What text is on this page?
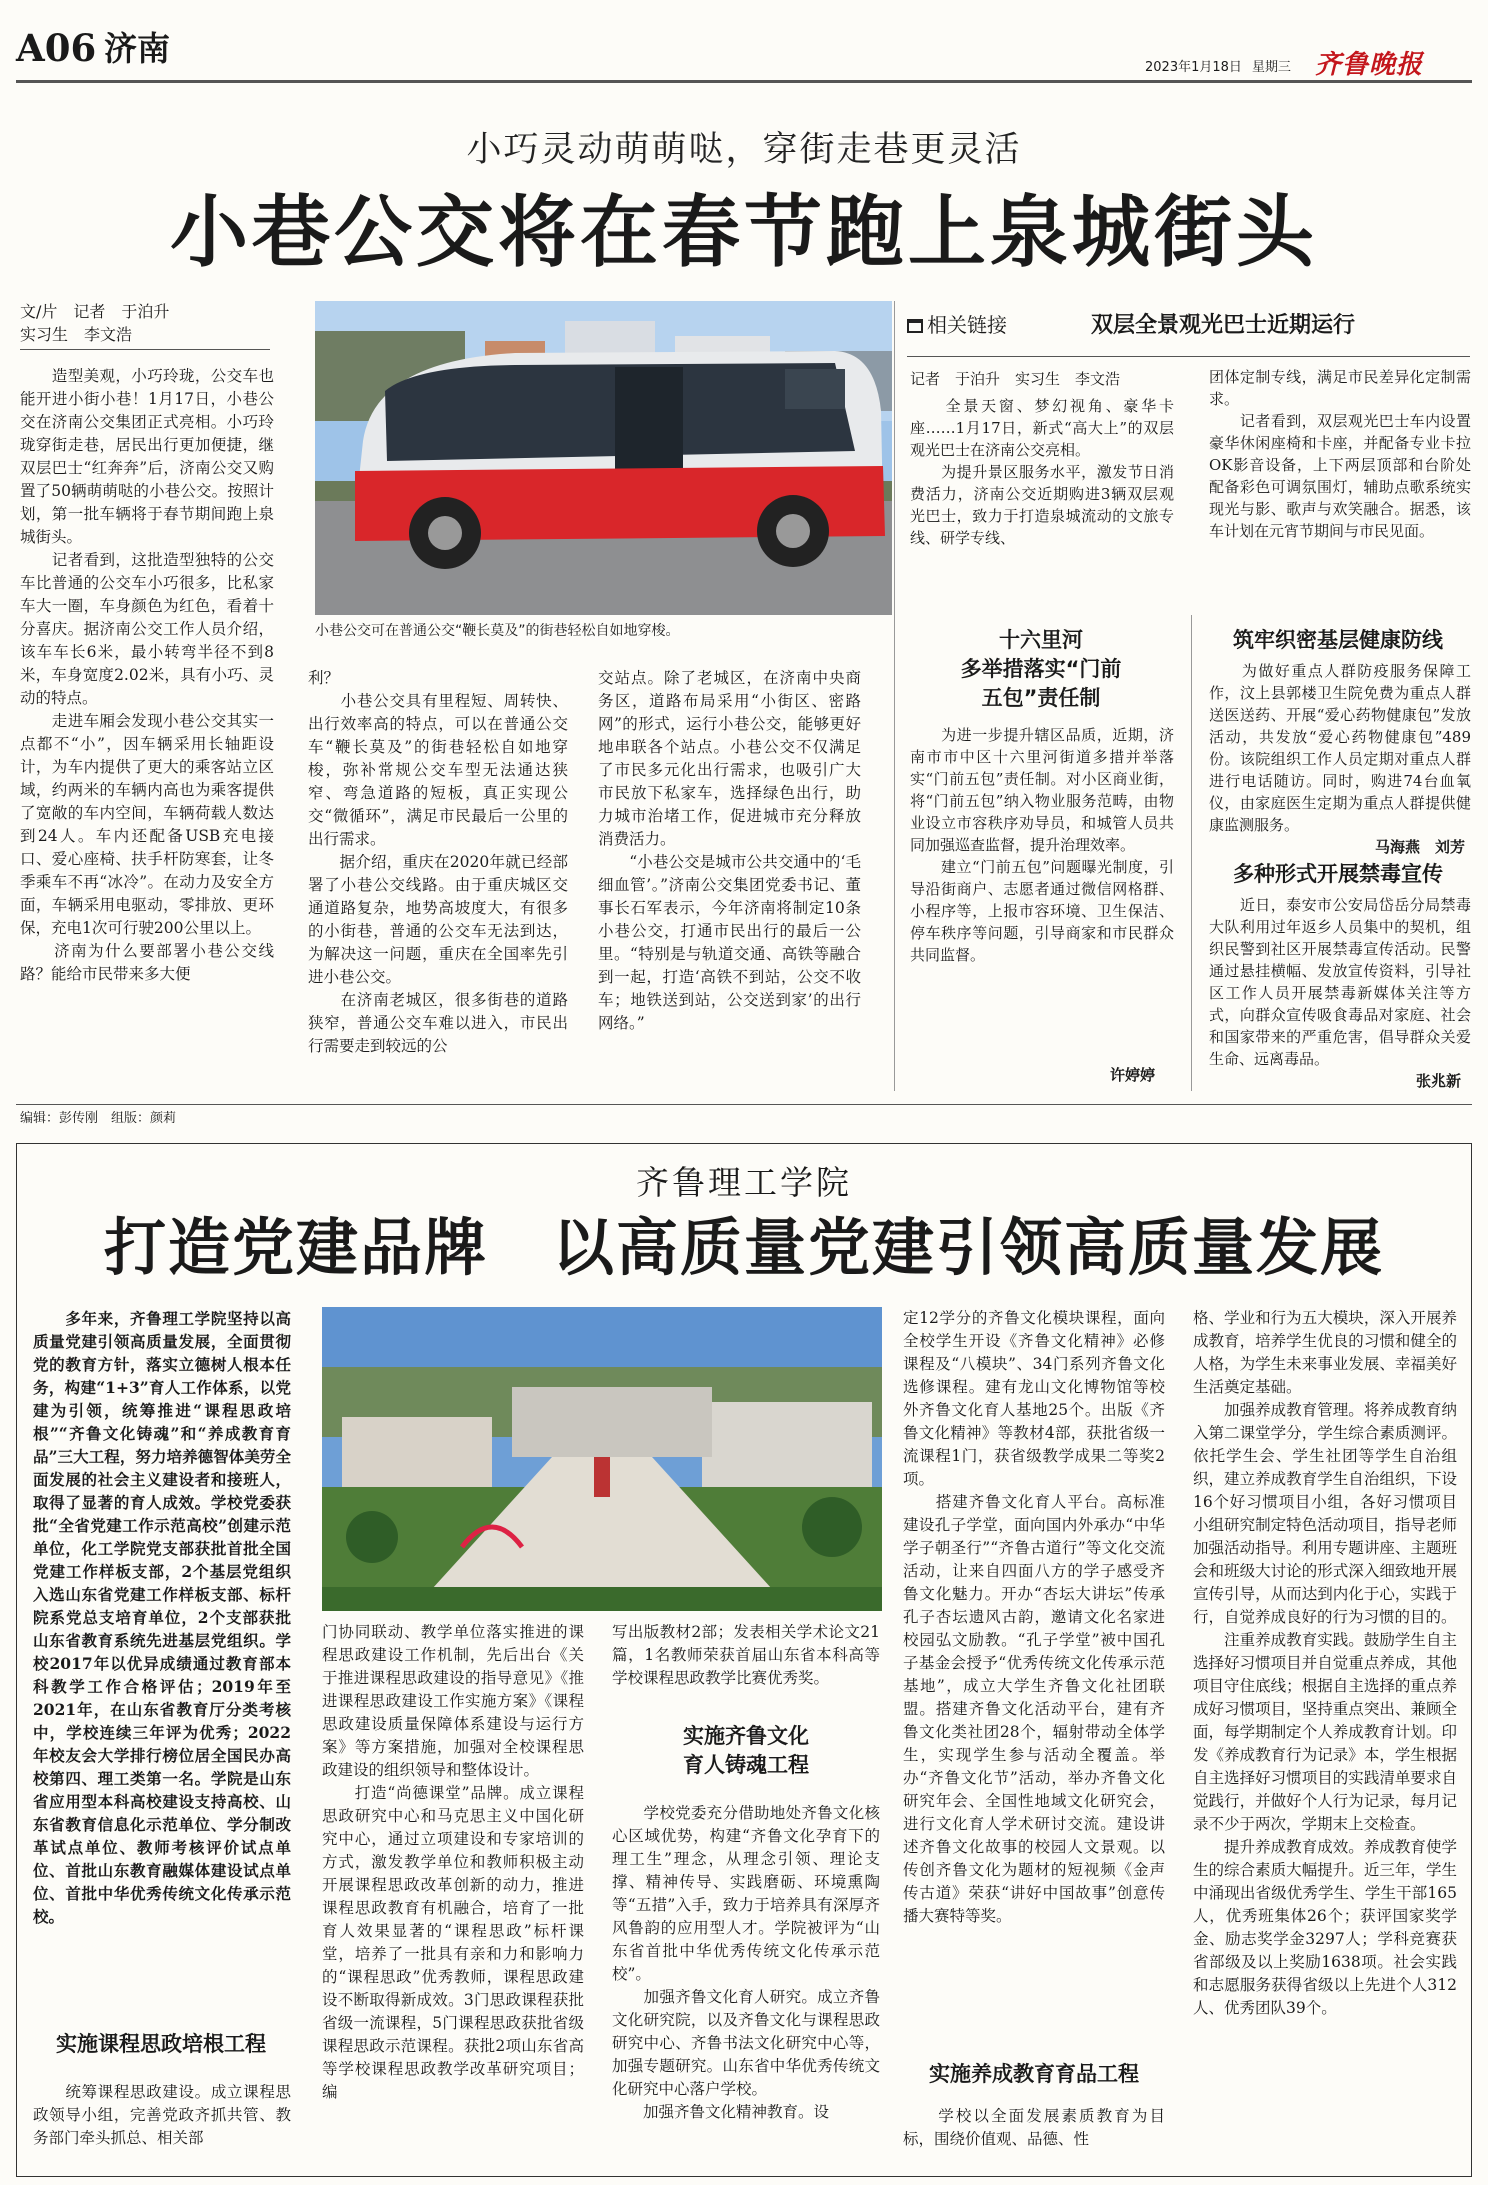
A06 济南	2023年1月18日 星期三 齐鲁晚报
小巧灵动萌萌哒，穿街走巷更灵活
小巷公交将在春节跑上泉城街头
文/片　记者　于泊升
实习生　李文浩
小巷公交可在普通公交“鞭长莫及”的街巷轻松自如地穿梭。
　　造型美观，小巧玲珑，公交车也能开进小街小巷！1月17日，小巷公交在济南公交集团正式亮相。小巧玲珑穿街走巷，居民出行更加便捷，继双层巴士“红奔奔”后，济南公交又购置了50辆萌萌哒的小巷公交。按照计划，第一批车辆将于春节期间跑上泉城街头。
　　记者看到，这批造型独特的公交车比普通的公交车小巧很多，比私家车大一圈，车身颜色为红色，看着十分喜庆。据济南公交工作人员介绍，该车车长6米，最小转弯半径不到8米，车身宽度2.02米，具有小巧、灵动的特点。
　　走进车厢会发现小巷公交其实一点都不“小”，因车辆采用长轴距设计，为车内提供了更大的乘客站立区域，约两米的车辆内高也为乘客提供了宽敞的车内空间，车辆荷载人数达到24人。车内还配备USB充电接口、爱心座椅、扶手杆防寒套，让冬季乘车不再“冰冷”。在动力及安全方面，车辆采用电驱动，零排放、更环保，充电1次可行驶200公里以上。
　　济南为什么要部署小巷公交线路？能给市民带来多大便
利？
　　小巷公交具有里程短、周转快、出行效率高的特点，可以在普通公交车“鞭长莫及”的街巷轻松自如地穿梭，弥补常规公交车型无法通达狭窄、弯急道路的短板，真正实现公交“微循环”，满足市民最后一公里的出行需求。
　　据介绍，重庆在2020年就已经部署了小巷公交线路。由于重庆城区交通道路复杂，地势高坡度大，有很多的小街巷，普通的公交车无法到达，为解决这一问题，重庆在全国率先引进小巷公交。
　　在济南老城区，很多街巷的道路狭窄，普通公交车难以进入，市民出行需要走到较远的公
交站点。除了老城区，在济南中央商务区，道路布局采用“小街区、密路网”的形式，运行小巷公交，能够更好地串联各个站点。小巷公交不仅满足了市民多元化出行需求，也吸引广大市民放下私家车，选择绿色出行，助力城市治堵工作，促进城市充分释放消费活力。
　　“小巷公交是城市公共交通中的‘毛细血管’。”济南公交集团党委书记、董事长石军表示，今年济南将制定10条小巷公交，打通市民出行的最后一公里。“特别是与轨道交通、高铁等融合到一起，打造‘高铁不到站，公交不收车；地铁送到站，公交送到家’的出行网络。”
相关链接	双层全景观光巴士近期运行
记者　于泊升　实习生　李文浩
　　全景天窗、梦幻视角、豪华卡座……1月17日，新式“高大上”的双层观光巴士在济南公交亮相。
　　为提升景区服务水平，激发节日消费活力，济南公交近期购进3辆双层观光巴士，致力于打造泉城流动的文旅专线、研学专线、
团体定制专线，满足市民差异化定制需求。
　　记者看到，双层观光巴士车内设置豪华休闲座椅和卡座，并配备专业卡拉OK影音设备，上下两层顶部和台阶处配备彩色可调氛围灯，辅助点歌系统实现光与影、歌声与欢笑融合。据悉，该车计划在元宵节期间与市民见面。
十六里河
多举措落实“门前
五包”责任制
　　为进一步提升辖区品质，近期，济南市市中区十六里河街道多措并举落实“门前五包”责任制。对小区商业街，将“门前五包”纳入物业服务范畴，由物业设立市容秩序劝导员，和城管人员共同加强巡查监督，提升治理效率。
　　建立“门前五包”问题曝光制度，引导沿街商户、志愿者通过微信网格群、小程序等，上报市容环境、卫生保洁、停车秩序等问题，引导商家和市民群众共同监督。
许婷婷
筑牢织密基层健康防线
　　为做好重点人群防疫服务保障工作，汶上县郭楼卫生院免费为重点人群送医送药、开展“爱心药物健康包”发放活动，共发放“爱心药物健康包”489份。该院组织工作人员定期对重点人群进行电话随访。同时，购进74台血氧仪，由家庭医生定期为重点人群提供健康监测服务。
马海燕　刘芳
多种形式开展禁毒宣传
　　近日，泰安市公安局岱岳分局禁毒大队利用过年返乡人员集中的契机，组织民警到社区开展禁毒宣传活动。民警通过悬挂横幅、发放宣传资料，引导社区工作人员开展禁毒新媒体关注等方式，向群众宣传吸食毒品对家庭、社会和国家带来的严重危害，倡导群众关爱生命、远离毒品。
张兆新
编辑：彭传刚　组版：颜莉
齐鲁理工学院
打造党建品牌　以高质量党建引领高质量发展
　　多年来，齐鲁理工学院坚持以高质量党建引领高质量发展，全面贯彻党的教育方针，落实立德树人根本任务，构建“1+3”育人工作体系，以党建为引领，统筹推进“课程思政培根”“齐鲁文化铸魂”和“养成教育育品”三大工程，努力培养德智体美劳全面发展的社会主义建设者和接班人，取得了显著的育人成效。学校党委获批“全省党建工作示范高校”创建示范单位，化工学院党支部获批首批全国党建工作样板支部，2个基层党组织入选山东省党建工作样板支部、标杆院系党总支培育单位，2个支部获批山东省教育系统先进基层党组织。学校2017年以优异成绩通过教育部本科教学工作合格评估；2019年至2021年，在山东省教育厅分类考核中，学校连续三年评为优秀；2022年校友会大学排行榜位居全国民办高校第四、理工类第一名。学院是山东省应用型本科高校建设支持高校、山东省教育信息化示范单位、学分制改革试点单位、教师考核评价试点单位、首批山东教育融媒体建设试点单位、首批中华优秀传统文化传承示范校。
实施课程思政培根工程
　　统筹课程思政建设。成立课程思政领导小组，完善党政齐抓共管、教务部门牵头抓总、相关部
门协同联动、教学单位落实推进的课程思政建设工作机制，先后出台《关于推进课程思政建设的指导意见》《推进课程思政建设工作实施方案》《课程思政建设质量保障体系建设与运行方案》等方案措施，加强对全校课程思政建设的组织领导和整体设计。
　　打造“尚德课堂”品牌。成立课程思政研究中心和马克思主义中国化研究中心，通过立项建设和专家培训的方式，激发教学单位和教师积极主动开展课程思政改革创新的动力，推进课程思政教育有机融合，培育了一批育人效果显著的“课程思政”标杆课堂，培养了一批具有亲和力和影响力的“课程思政”优秀教师，课程思政建设不断取得新成效。3门思政课程获批省级一流课程，5门课程思政获批省级课程思政示范课程。获批2项山东省高等学校课程思政教学改革研究项目；编
写出版教材2部；发表相关学术论文21篇，1名教师荣获首届山东省本科高等学校课程思政教学比赛优秀奖。
实施齐鲁文化
育人铸魂工程
　　学校党委充分借助地处齐鲁文化核心区域优势，构建“齐鲁文化孕育下的理工生”理念，从理念引领、理论支撑、精神传导、实践磨砺、环境熏陶等“五措”入手，致力于培养具有深厚齐风鲁韵的应用型人才。学院被评为“山东省首批中华优秀传统文化传承示范校”。
　　加强齐鲁文化育人研究。成立齐鲁文化研究院，以及齐鲁文化与课程思政研究中心、齐鲁书法文化研究中心等，加强专题研究。山东省中华优秀传统文化研究中心落户学校。
　　加强齐鲁文化精神教育。设
定12学分的齐鲁文化模块课程，面向全校学生开设《齐鲁文化精神》必修课程及“八模块”、34门系列齐鲁文化选修课程。建有龙山文化博物馆等校外齐鲁文化育人基地25个。出版《齐鲁文化精神》等教材4部，获批省级一流课程1门，获省级教学成果二等奖2项。
　　搭建齐鲁文化育人平台。高标准建设孔子学堂，面向国内外承办“中华学子朝圣行”“齐鲁古道行”等文化交流活动，让来自四面八方的学子感受齐鲁文化魅力。开办“杏坛大讲坛”传承孔子杏坛遗风古韵，邀请文化名家进校园弘文励教。“孔子学堂”被中国孔子基金会授予“优秀传统文化传承示范基地”，成立大学生齐鲁文化社团联盟。搭建齐鲁文化活动平台，建有齐鲁文化类社团28个，辐射带动全体学生，实现学生参与活动全覆盖。举办“齐鲁文化节”活动，举办齐鲁文化研究年会、全国性地域文化研究会，进行文化育人学术研讨交流。建设讲述齐鲁文化故事的校园人文景观。以传创齐鲁文化为题材的短视频《金声传古道》荣获“讲好中国故事”创意传播大赛特等奖。
实施养成教育育品工程
　　学校以全面发展素质教育为目标，围绕价值观、品德、性
格、学业和行为五大模块，深入开展养成教育，培养学生优良的习惯和健全的人格，为学生未来事业发展、幸福美好生活奠定基础。
　　加强养成教育管理。将养成教育纳入第二课堂学分，学生综合素质测评。依托学生会、学生社团等学生自治组织，建立养成教育学生自治组织，下设16个好习惯项目小组，各好习惯项目小组研究制定特色活动项目，指导老师加强活动指导。利用专题讲座、主题班会和班级大讨论的形式深入细致地开展宣传引导，从而达到内化于心，实践于行，自觉养成良好的行为习惯的目的。
　　注重养成教育实践。鼓励学生自主选择好习惯项目并自觉重点养成，其他项目守住底线；根据自主选择的重点养成好习惯项目，坚持重点突出、兼顾全面，每学期制定个人养成教育计划。印发《养成教育行为记录》本，学生根据自主选择好习惯项目的实践清单要求自觉践行，并做好个人行为记录，每月记录不少于两次，学期末上交检查。
　　提升养成教育成效。养成教育使学生的综合素质大幅提升。近三年，学生中涌现出省级优秀学生、学生干部165人，优秀班集体26个；获评国家奖学金、励志奖学金3297人；学科竞赛获省部级及以上奖励1638项。社会实践和志愿服务获得省级以上先进个人312人、优秀团队39个。
